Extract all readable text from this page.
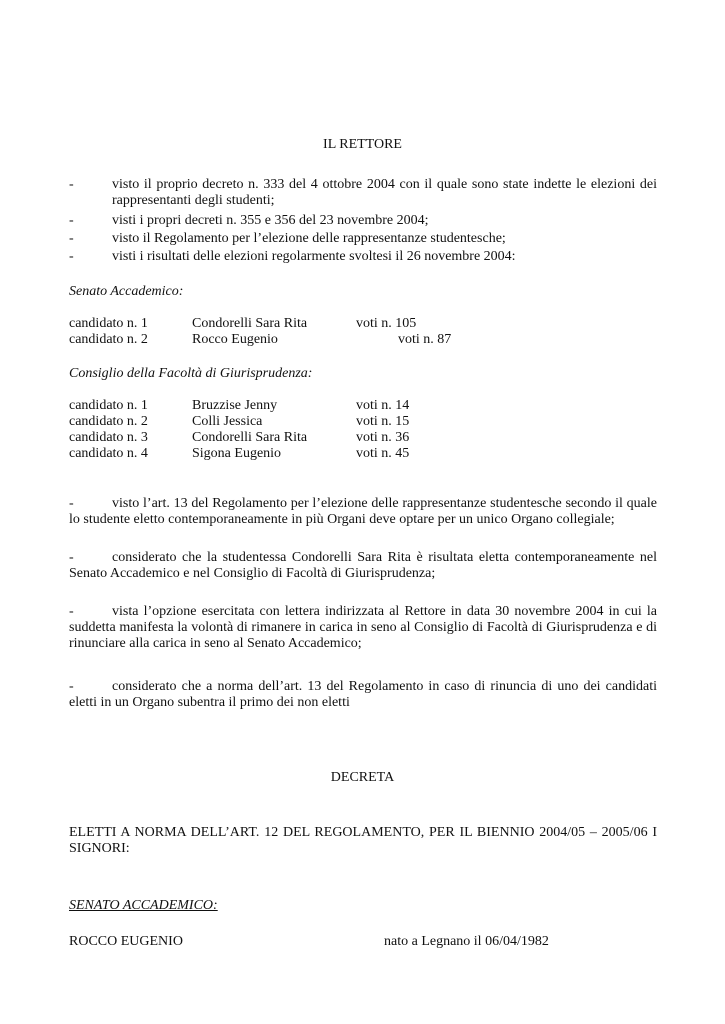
IL RETTORE
-	visto il proprio decreto n. 333 del 4 ottobre 2004 con il quale sono state indette le elezioni dei rappresentanti degli studenti;
-	visti i propri decreti n. 355 e 356 del 23 novembre 2004;
-	visto il Regolamento per l’elezione delle rappresentanze studentesche;
-	visti i risultati delle elezioni regolarmente svoltesi il 26 novembre 2004:
Senato Accademico:
candidato n. 1	Condorelli Sara Rita	voti n. 105
candidato n. 2	Rocco Eugenio	voti n. 87
Consiglio della Facoltà di Giurisprudenza:
candidato n. 1	Bruzzise Jenny	voti n. 14
candidato n. 2	Colli Jessica	voti n. 15
candidato n. 3	Condorelli Sara Rita	voti n. 36
candidato n. 4	Sigona Eugenio	voti n. 45
-	visto l’art. 13 del Regolamento per l’elezione delle rappresentanze studentesche secondo il quale lo studente eletto contemporaneamente in più Organi deve optare per un unico Organo collegiale;
-	considerato che la studentessa Condorelli Sara Rita è risultata eletta contemporaneamente nel Senato Accademico e nel Consiglio di Facoltà di Giurisprudenza;
-	vista l’opzione esercitata con lettera indirizzata al Rettore in data 30 novembre 2004 in cui la suddetta manifesta la volontà di rimanere in carica in seno al Consiglio di Facoltà di Giurisprudenza e di rinunciare alla carica in seno al Senato Accademico;
-	considerato che a norma dell’art. 13 del Regolamento in caso di rinuncia di uno dei candidati eletti in un Organo subentra il primo dei non eletti
DECRETA
ELETTI A NORMA DELL’ART. 12 DEL REGOLAMENTO, PER IL BIENNIO 2004/05 – 2005/06 I SIGNORI:
SENATO ACCADEMICO:
ROCCO EUGENIO	nato a Legnano il 06/04/1982
